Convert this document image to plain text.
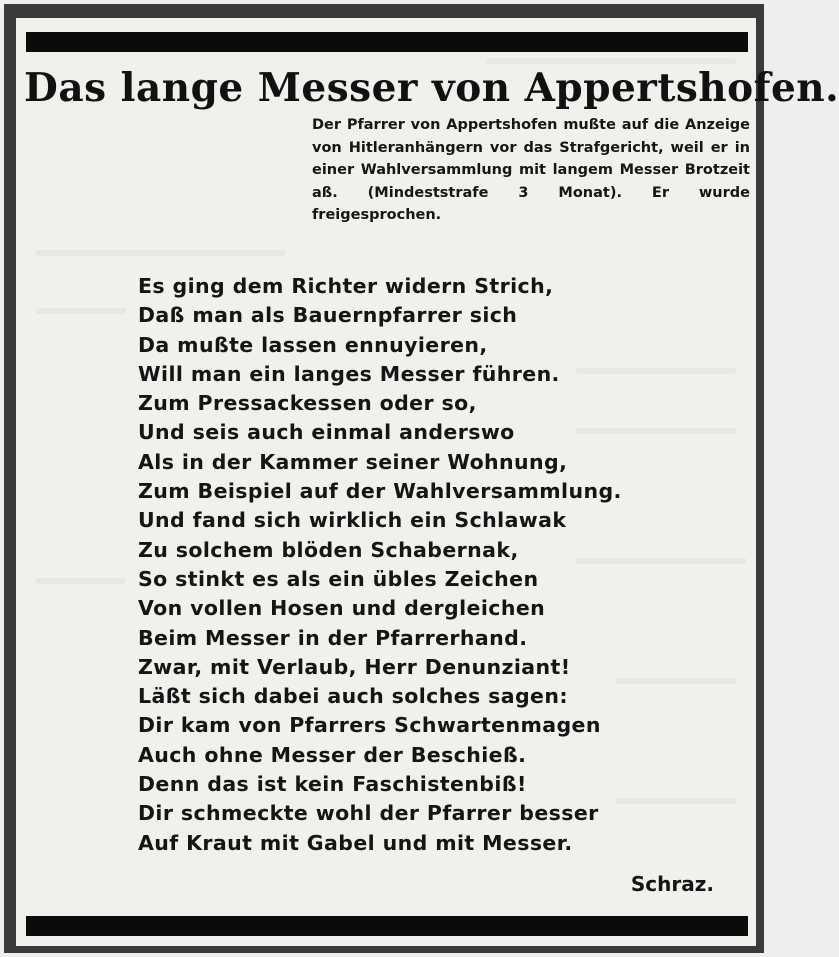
Das lange Messer von Appertshofen.

Der Pfarrer von Appertshofen mußte auf die Anzeige von Hitleranhängern vor das Strafgericht, weil er in einer Wahlversammlung mit langem Messer Brotzeit aß. (Mindeststrafe 3 Monat). Er wurde freigesprochen.

Es ging dem Richter widern Strich,
Daß man als Bauernpfarrer sich
Da mußte lassen ennuyieren,
Will man ein langes Messer führen.
Zum Pressackessen oder so,
Und seis auch einmal anderswo
Als in der Kammer seiner Wohnung,
Zum Beispiel auf der Wahlversammlung.
Und fand sich wirklich ein Schlawak
Zu solchem blöden Schabernak,
So stinkt es als ein übles Zeichen
Von vollen Hosen und dergleichen
Beim Messer in der Pfarrerhand.
Zwar, mit Verlaub, Herr Denunziant!
Läßt sich dabei auch solches sagen:
Dir kam von Pfarrers Schwartenmagen
Auch ohne Messer der Beschieß.
Denn das ist kein Faschistenbiß!
Dir schmeckte wohl der Pfarrer besser
Auf Kraut mit Gabel und mit Messer.

Schraz.
